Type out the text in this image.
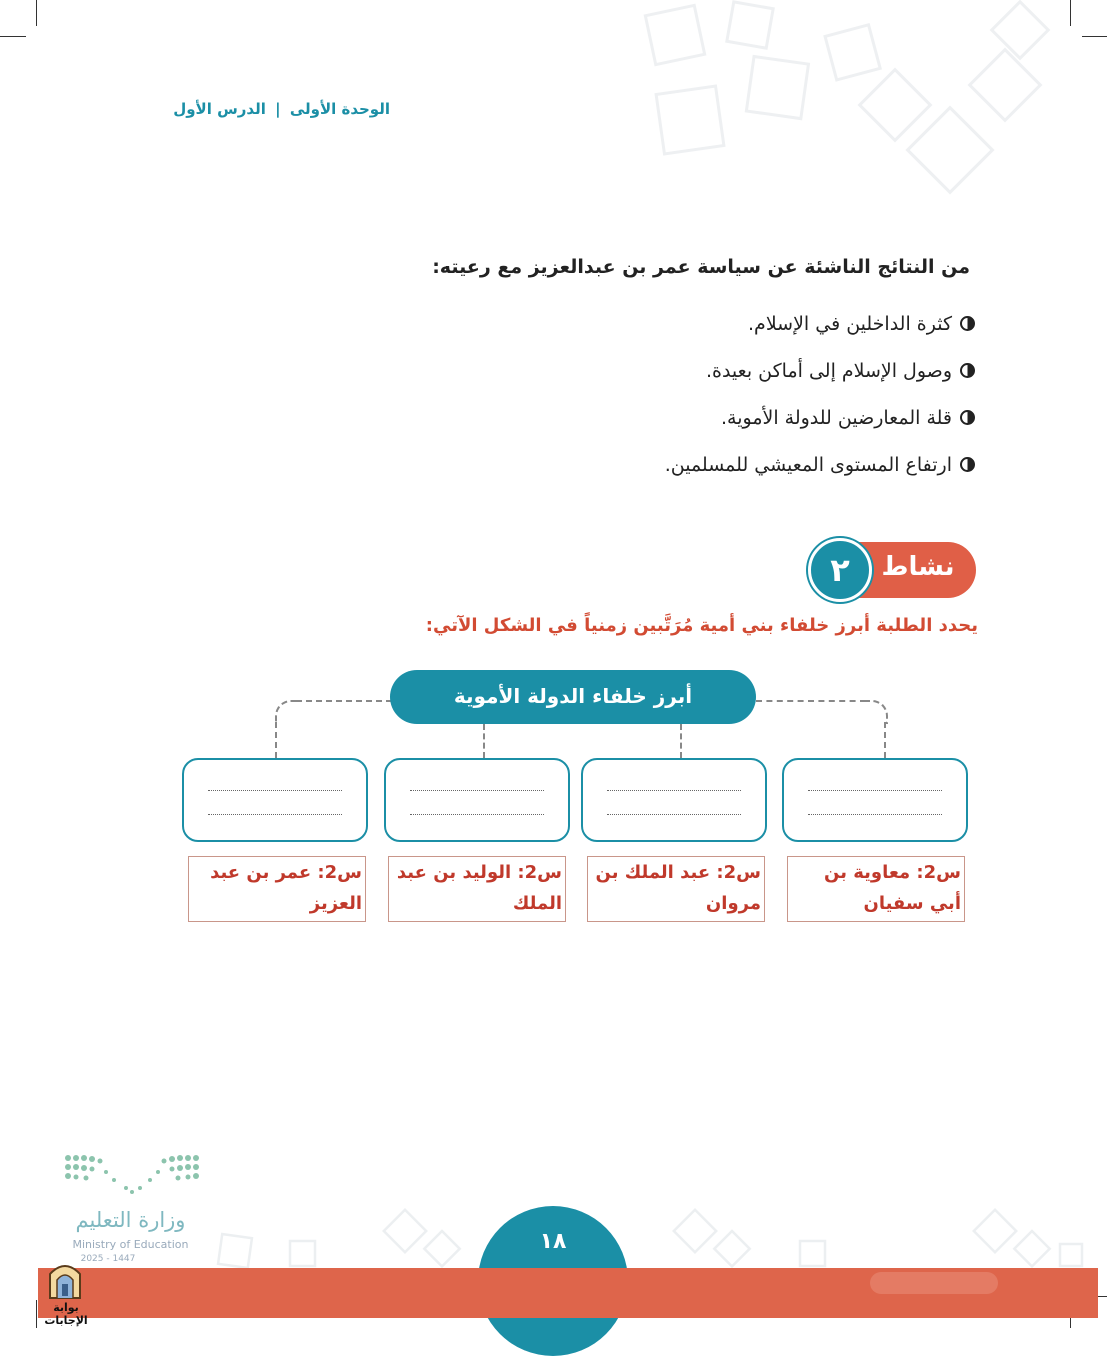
الوحدة الأولى | الدرس الأول
من النتائج الناشئة عن سياسة عمر بن عبدالعزيز مع رعيته:
كثرة الداخلين في الإسلام.
وصول الإسلام إلى أماكن بعيدة.
قلة المعارضين للدولة الأموية.
ارتفاع المستوى المعيشي للمسلمين.
نشاط
٢
يحدد الطلبة أبرز خلفاء بني أمية مُرَتَّبين زمنياً في الشكل الآتي:
أبرز خلفاء الدولة الأموية
س2: معاوية بن أبي سفيان
س2: عبد الملك بن مروان
س2: الوليد بن عبد الملك
س2: عمر بن عبد العزيز
وزارة التعليم
Ministry of Education
2025 - 1447
١٨
بوابة الإجابات
